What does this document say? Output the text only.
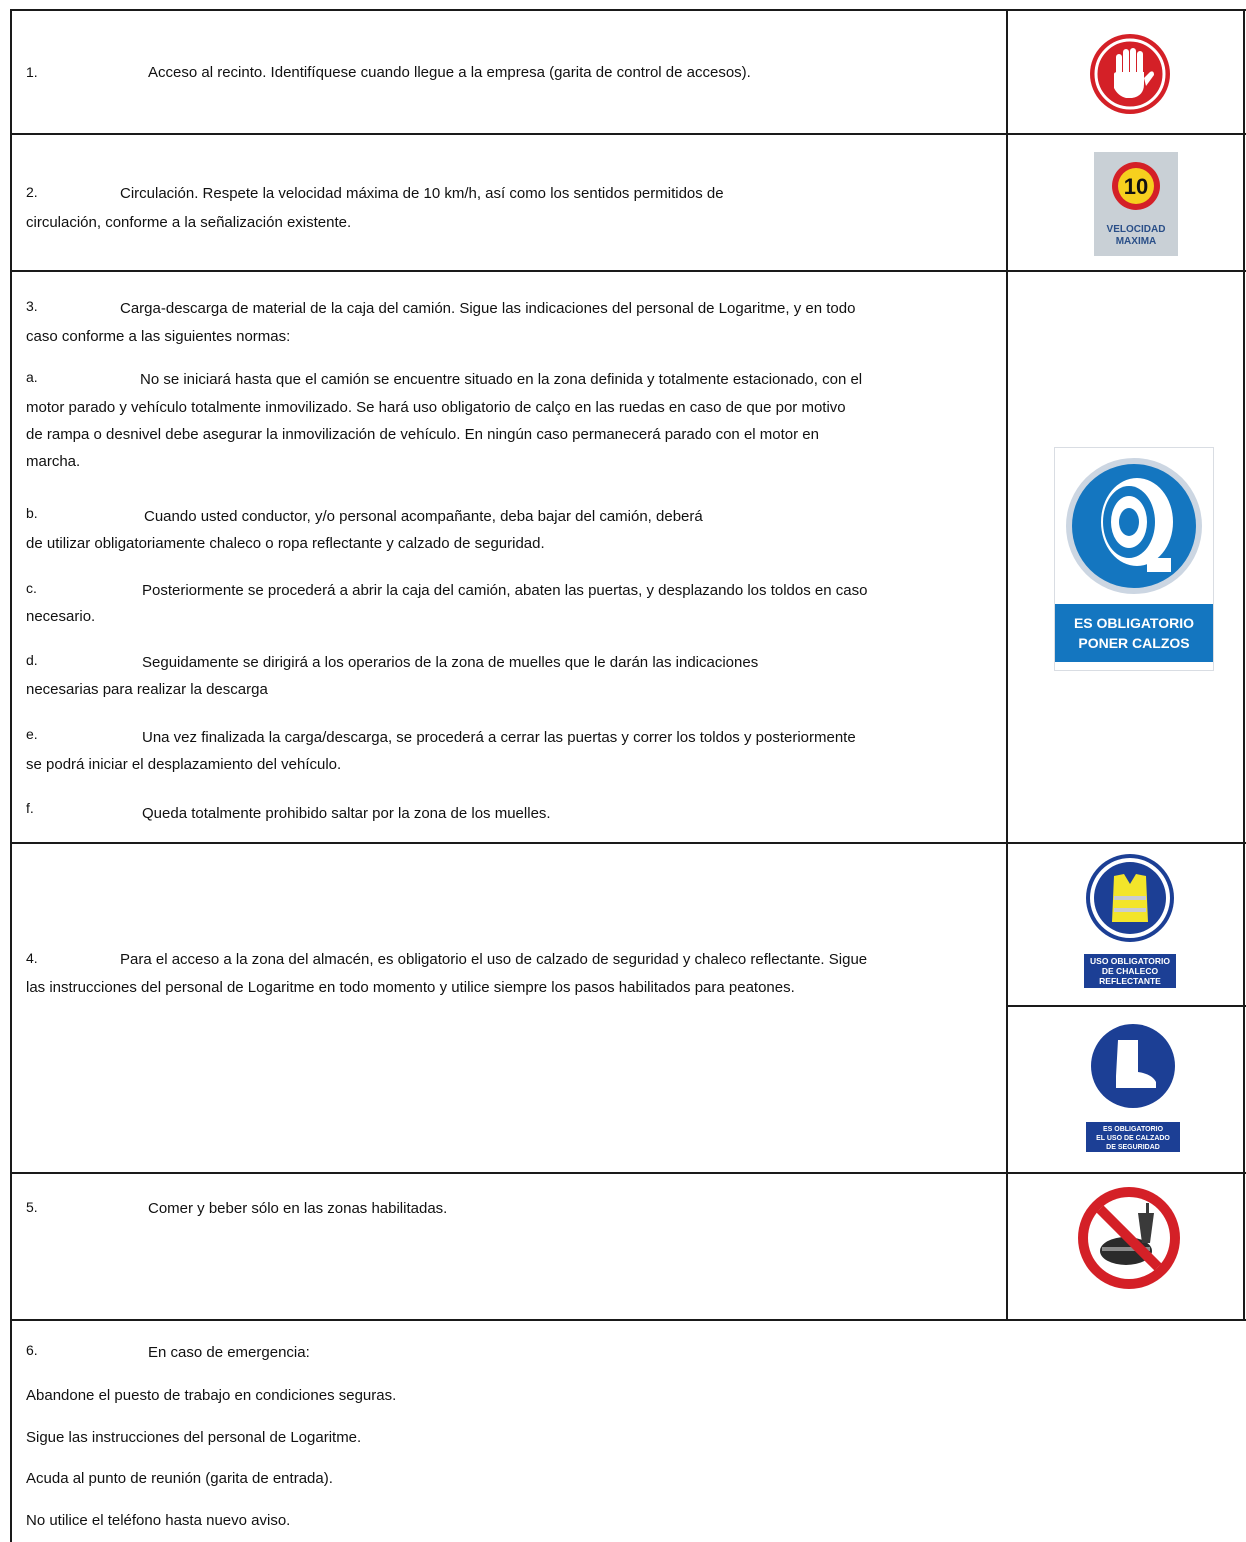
1.	Acceso al recinto. Identifíquese cuando llegue a la empresa (garita de control de accesos).
2.	Circulación. Respete la velocidad máxima de 10 km/h, así como los sentidos permitidos de
circulación, conforme a la señalización existente.
10
VELOCIDAD
MAXIMA
3.	Carga-descarga de material de la caja del camión. Sigue las indicaciones del personal de Logaritme, y en todo
caso conforme a las siguientes normas:
a.	No se iniciará hasta que el camión se encuentre situado en la zona definida y totalmente estacionado, con el
motor parado y vehículo totalmente inmovilizado. Se hará uso obligatorio de calço en las ruedas en caso de que por motivo
de rampa o desnivel debe asegurar la inmovilización de vehículo. En ningún caso permanecerá parado con el motor en
marcha.
b.	Cuando usted conductor, y/o personal acompañante, deba bajar del camión, deberá
de utilizar obligatoriamente chaleco o ropa reflectante y calzado de seguridad.
c.	Posteriormente se procederá a abrir la caja del camión, abaten las puertas, y desplazando los toldos en caso
necesario.
d.	Seguidamente se dirigirá a los operarios de la zona de muelles que le darán las indicaciones
necesarias para realizar la descarga
e.	Una vez finalizada la carga/descarga, se procederá a cerrar las puertas y correr los toldos y posteriormente
se podrá iniciar el desplazamiento del vehículo.
f.	Queda totalmente prohibido saltar por la zona de los muelles.
ES OBLIGATORIO
PONER CALZOS
4.	Para el acceso a la zona del almacén, es obligatorio el uso de calzado de seguridad y chaleco reflectante. Sigue
las instrucciones del personal de Logaritme en todo momento y utilice siempre los pasos habilitados para peatones.
USO OBLIGATORIO
DE CHALECO
REFLECTANTE
ES OBLIGATORIO
EL USO DE CALZADO
DE SEGURIDAD
5.	Comer y beber sólo en las zonas habilitadas.
6.	En caso de emergencia:
Abandone el puesto de trabajo en condiciones seguras.
Sigue las instrucciones del personal de Logaritme.
Acuda al punto de reunión (garita de entrada).
No utilice el teléfono hasta nuevo aviso.
